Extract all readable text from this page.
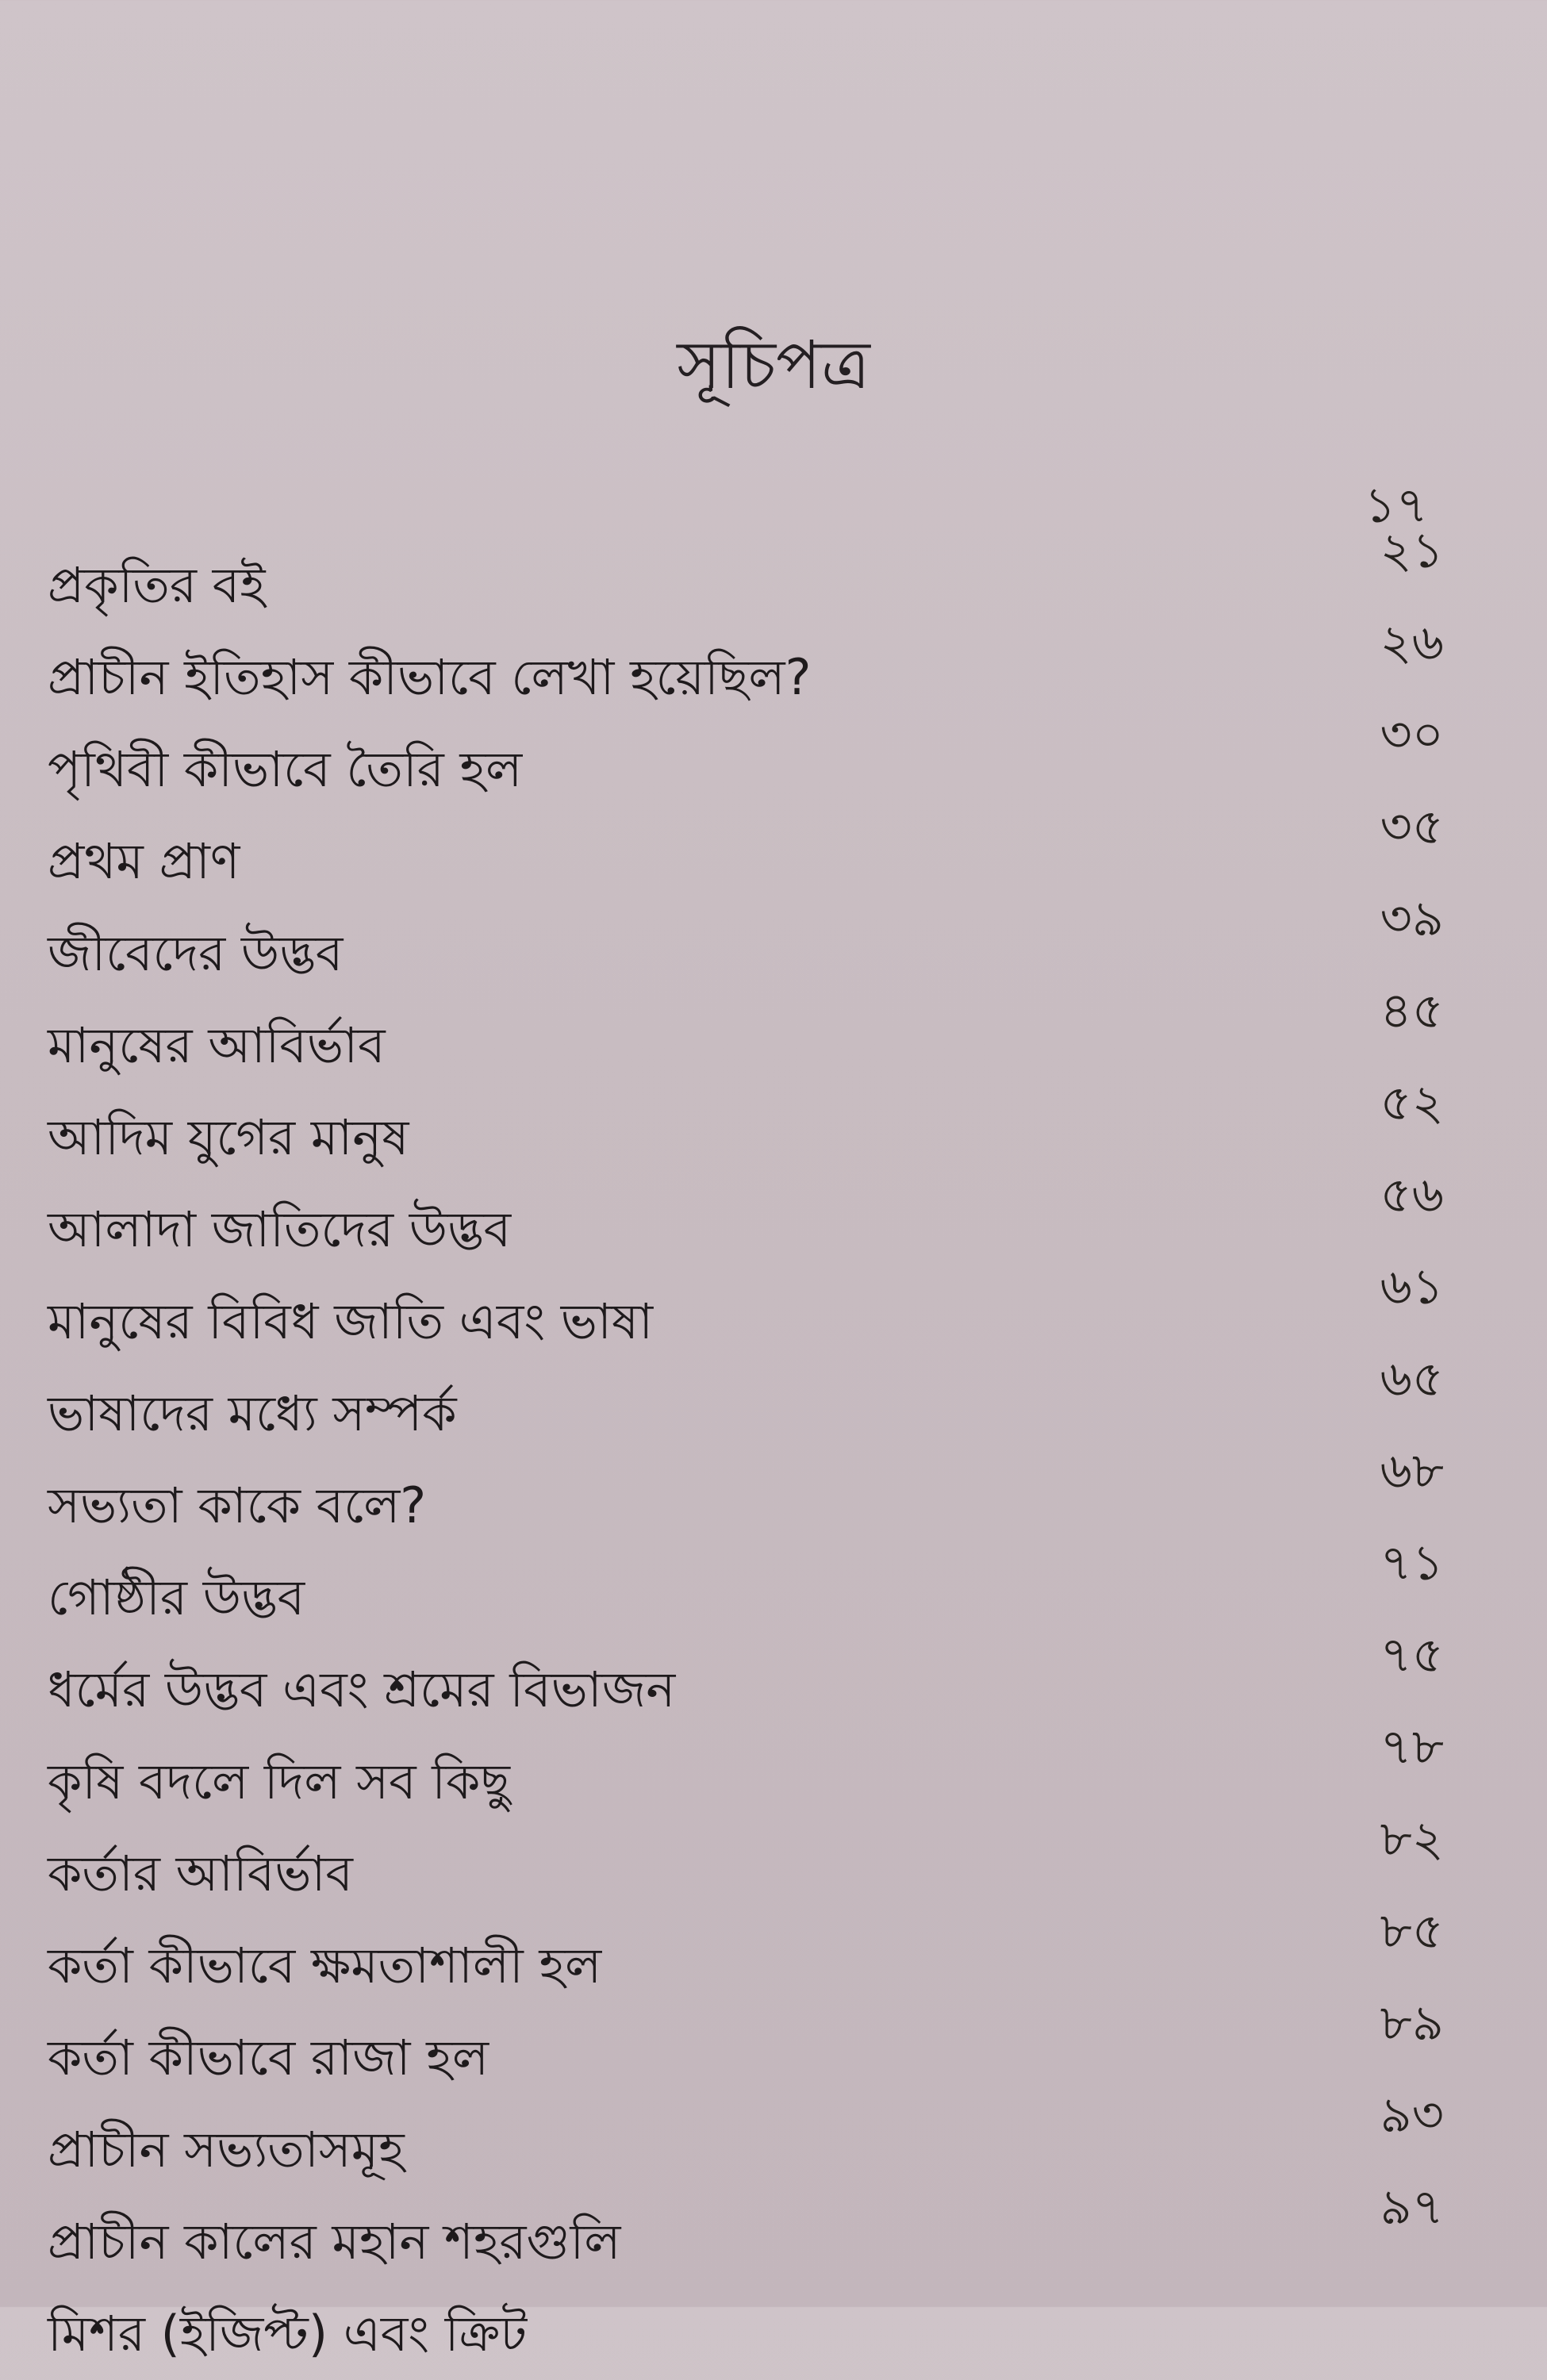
সূচিপত্র
১৭
প্রকৃতির বই
২১
প্রাচীন ইতিহাস কীভাবে লেখা হয়েছিল?
২৬
পৃথিবী কীভাবে তৈরি হল
৩০
প্রথম প্রাণ
৩৫
জীবেদের উদ্ভব
৩৯
মানুষের আবির্ভাব
৪৫
আদিম যুগের মানুষ
৫২
আলাদা জাতিদের উদ্ভব
৫৬
মানুষের বিবিধ জাতি এবং ভাষা
৬১
ভাষাদের মধ্যে সম্পর্ক
৬৫
সভ্যতা কাকে বলে?
৬৮
গোষ্ঠীর উদ্ভব
৭১
ধর্মের উদ্ভব এবং শ্রমের বিভাজন
৭৫
কৃষি বদলে দিল সব কিছু
৭৮
কর্তার আবির্ভাব
৮২
কর্তা কীভাবে ক্ষমতাশালী হল
৮৫
কর্তা কীভাবে রাজা হল
৮৯
প্রাচীন সভ্যতাসমূহ
৯৩
প্রাচীন কালের মহান শহরগুলি
৯৭
মিশর (ইজিপ্ট) এবং ক্রিট
